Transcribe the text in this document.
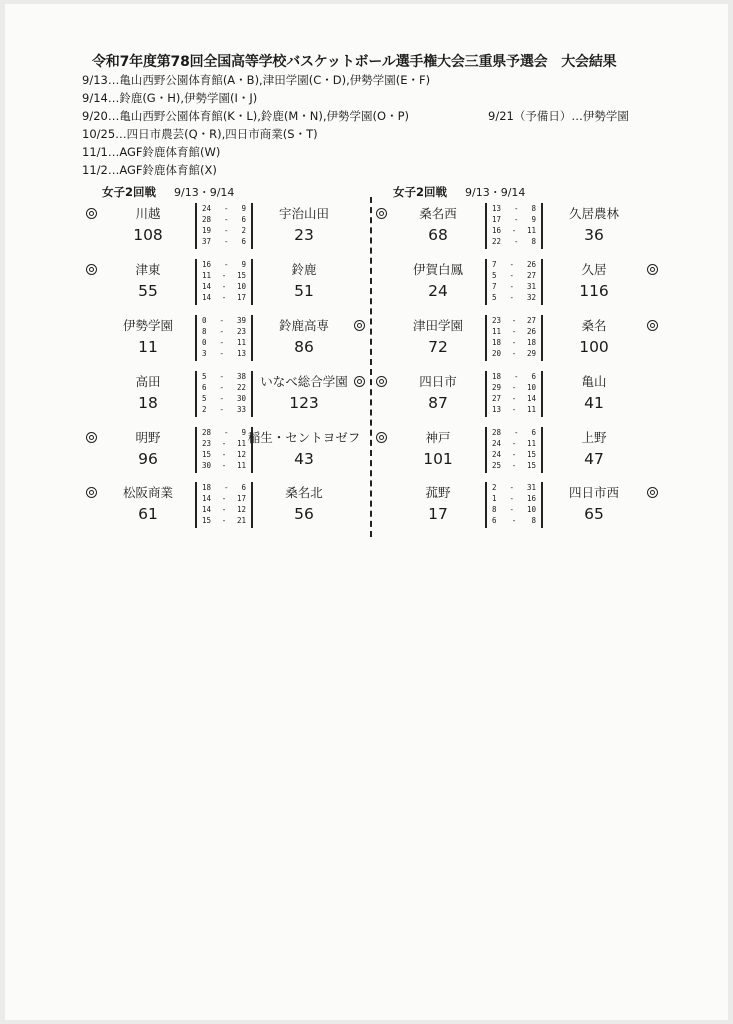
令和7年度第78回全国高等学校バスケットボール選手権大会三重県予選会　大会結果
9/13…亀山西野公園体育館(A・B),津田学園(C・D),伊勢学園(E・F)
9/14…鈴鹿(G・H),伊勢学園(I・J)
9/20…亀山西野公園体育館(K・L),鈴鹿(M・N),伊勢学園(O・P)	9/21（予備日）…伊勢学園
10/25…四日市農芸(Q・R),四日市商業(S・T)
11/1…AGF鈴鹿体育館(W)
11/2…AGF鈴鹿体育館(X)
女子2回戦 9/13・9/14	女子2回戦 9/13・9/14
川越
108
宇治山田
23
24 - 9
28 - 6
19 - 2
37 - 6
津東
55
鈴鹿
51
16 - 9
11 - 15
14 - 10
14 - 17
伊勢学園
11
鈴鹿高専
86
0 - 39
8 - 23
0 - 11
3 - 13
高田
18
いなべ総合学園
123
5 - 38
6 - 22
5 - 30
2 - 33
明野
96
稲生・セントヨゼフ
43
28 - 9
23 - 11
15 - 12
30 - 11
松阪商業
61
桑名北
56
18 - 6
14 - 17
14 - 12
15 - 21
桑名西
68
久居農林
36
13 - 8
17 - 9
16 - 11
22 - 8
伊賀白鳳
24
久居
116
7 - 26
5 - 27
7 - 31
5 - 32
津田学園
72
桑名
100
23 - 27
11 - 26
18 - 18
20 - 29
四日市
87
亀山
41
18 - 6
29 - 10
27 - 14
13 - 11
神戸
101
上野
47
28 - 6
24 - 11
24 - 15
25 - 15
菰野
17
四日市西
65
2 - 31
1 - 16
8 - 10
6 - 8
